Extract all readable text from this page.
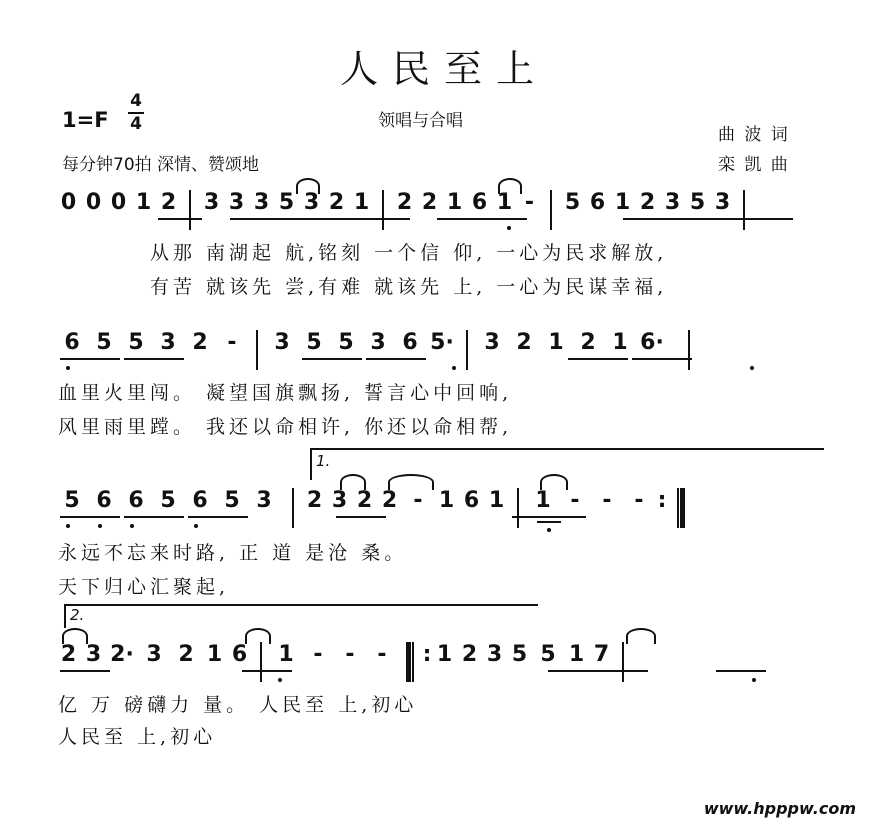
人民至上
1=F
4
4	领唱与合唱
每分钟70拍 深情、赞颂地
曲 波 词
栾 凯 曲
0 0 0 1 2 3 3 3 5 3 2 1 2 2 1 6 1 -	5 6 1 2 3 5 3
从那 南湖起 航,铭刻 一个信 仰, 一心为民求解放,
有苦 就该先 尝,有难 就该先 上, 一心为民谋幸福,
6 5 5 3 2 -	3 5 5 3 6 5·	3 2 1 2 1 6·
血里火里闯。 凝望国旗飘扬, 誓言心中回响,
风里雨里蹚。 我还以命相许, 你还以命相帮,
1.
5 6 6 5 6 5 3	2 3 2 2 - 1 6 1	1 -	-	- :
永远不忘来时路, 正 道 是沧 桑。
天下归心汇聚起,
2.
2 3 2· 3 2 1 6	1 -	-	-	: 1 2 3 5 5 1 7
亿 万 磅礴力 量。 人民至 上,初心
人民至 上,初心
www.hpppw.com
